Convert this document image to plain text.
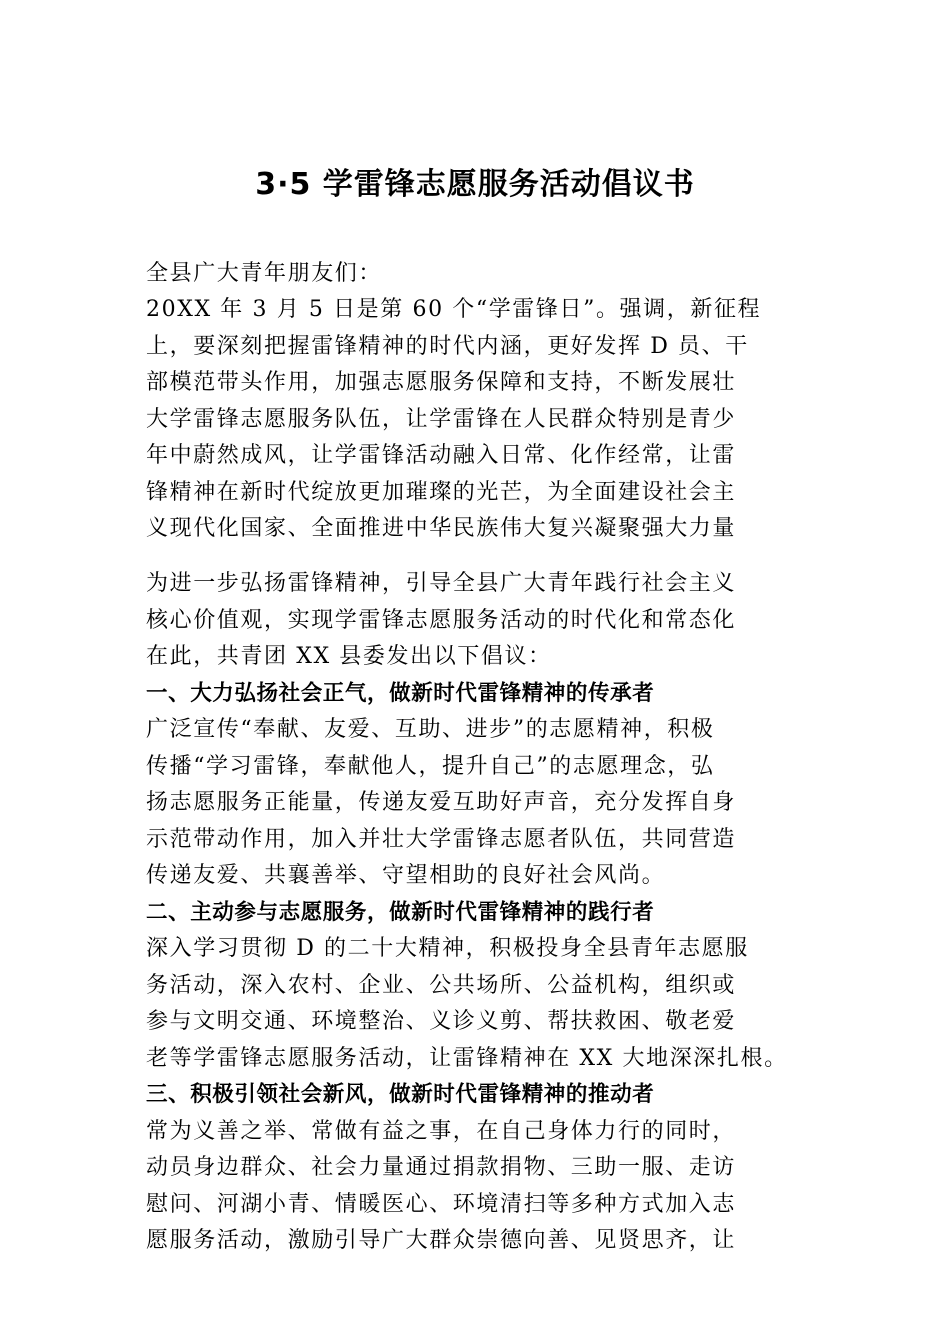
3·5 学雷锋志愿服务活动倡议书
全县广大青年朋友们：
20XX 年 3 月 5 日是第 60 个“学雷锋日”。强调，新征程
上，要深刻把握雷锋精神的时代内涵，更好发挥 D 员、干
部模范带头作用，加强志愿服务保障和支持，不断发展壮
大学雷锋志愿服务队伍，让学雷锋在人民群众特别是青少
年中蔚然成风，让学雷锋活动融入日常、化作经常，让雷
锋精神在新时代绽放更加璀璨的光芒，为全面建设社会主
义现代化国家、全面推进中华民族伟大复兴凝聚强大力量
为进一步弘扬雷锋精神，引导全县广大青年践行社会主义
核心价值观，实现学雷锋志愿服务活动的时代化和常态化
在此，共青团 XX 县委发出以下倡议：
一、大力弘扬社会正气，做新时代雷锋精神的传承者
广泛宣传“奉献、友爱、互助、进步”的志愿精神，积极
传播“学习雷锋，奉献他人，提升自己”的志愿理念，弘
扬志愿服务正能量，传递友爱互助好声音，充分发挥自身
示范带动作用，加入并壮大学雷锋志愿者队伍，共同营造
传递友爱、共襄善举、守望相助的良好社会风尚。
二、主动参与志愿服务，做新时代雷锋精神的践行者
深入学习贯彻 D 的二十大精神，积极投身全县青年志愿服
务活动，深入农村、企业、公共场所、公益机构，组织或
参与文明交通、环境整治、义诊义剪、帮扶救困、敬老爱
老等学雷锋志愿服务活动，让雷锋精神在 XX 大地深深扎根。
三、积极引领社会新风，做新时代雷锋精神的推动者
常为义善之举、常做有益之事，在自己身体力行的同时，
动员身边群众、社会力量通过捐款捐物、三助一服、走访
慰问、河湖小青、情暖医心、环境清扫等多种方式加入志
愿服务活动，激励引导广大群众崇德向善、见贤思齐，让
